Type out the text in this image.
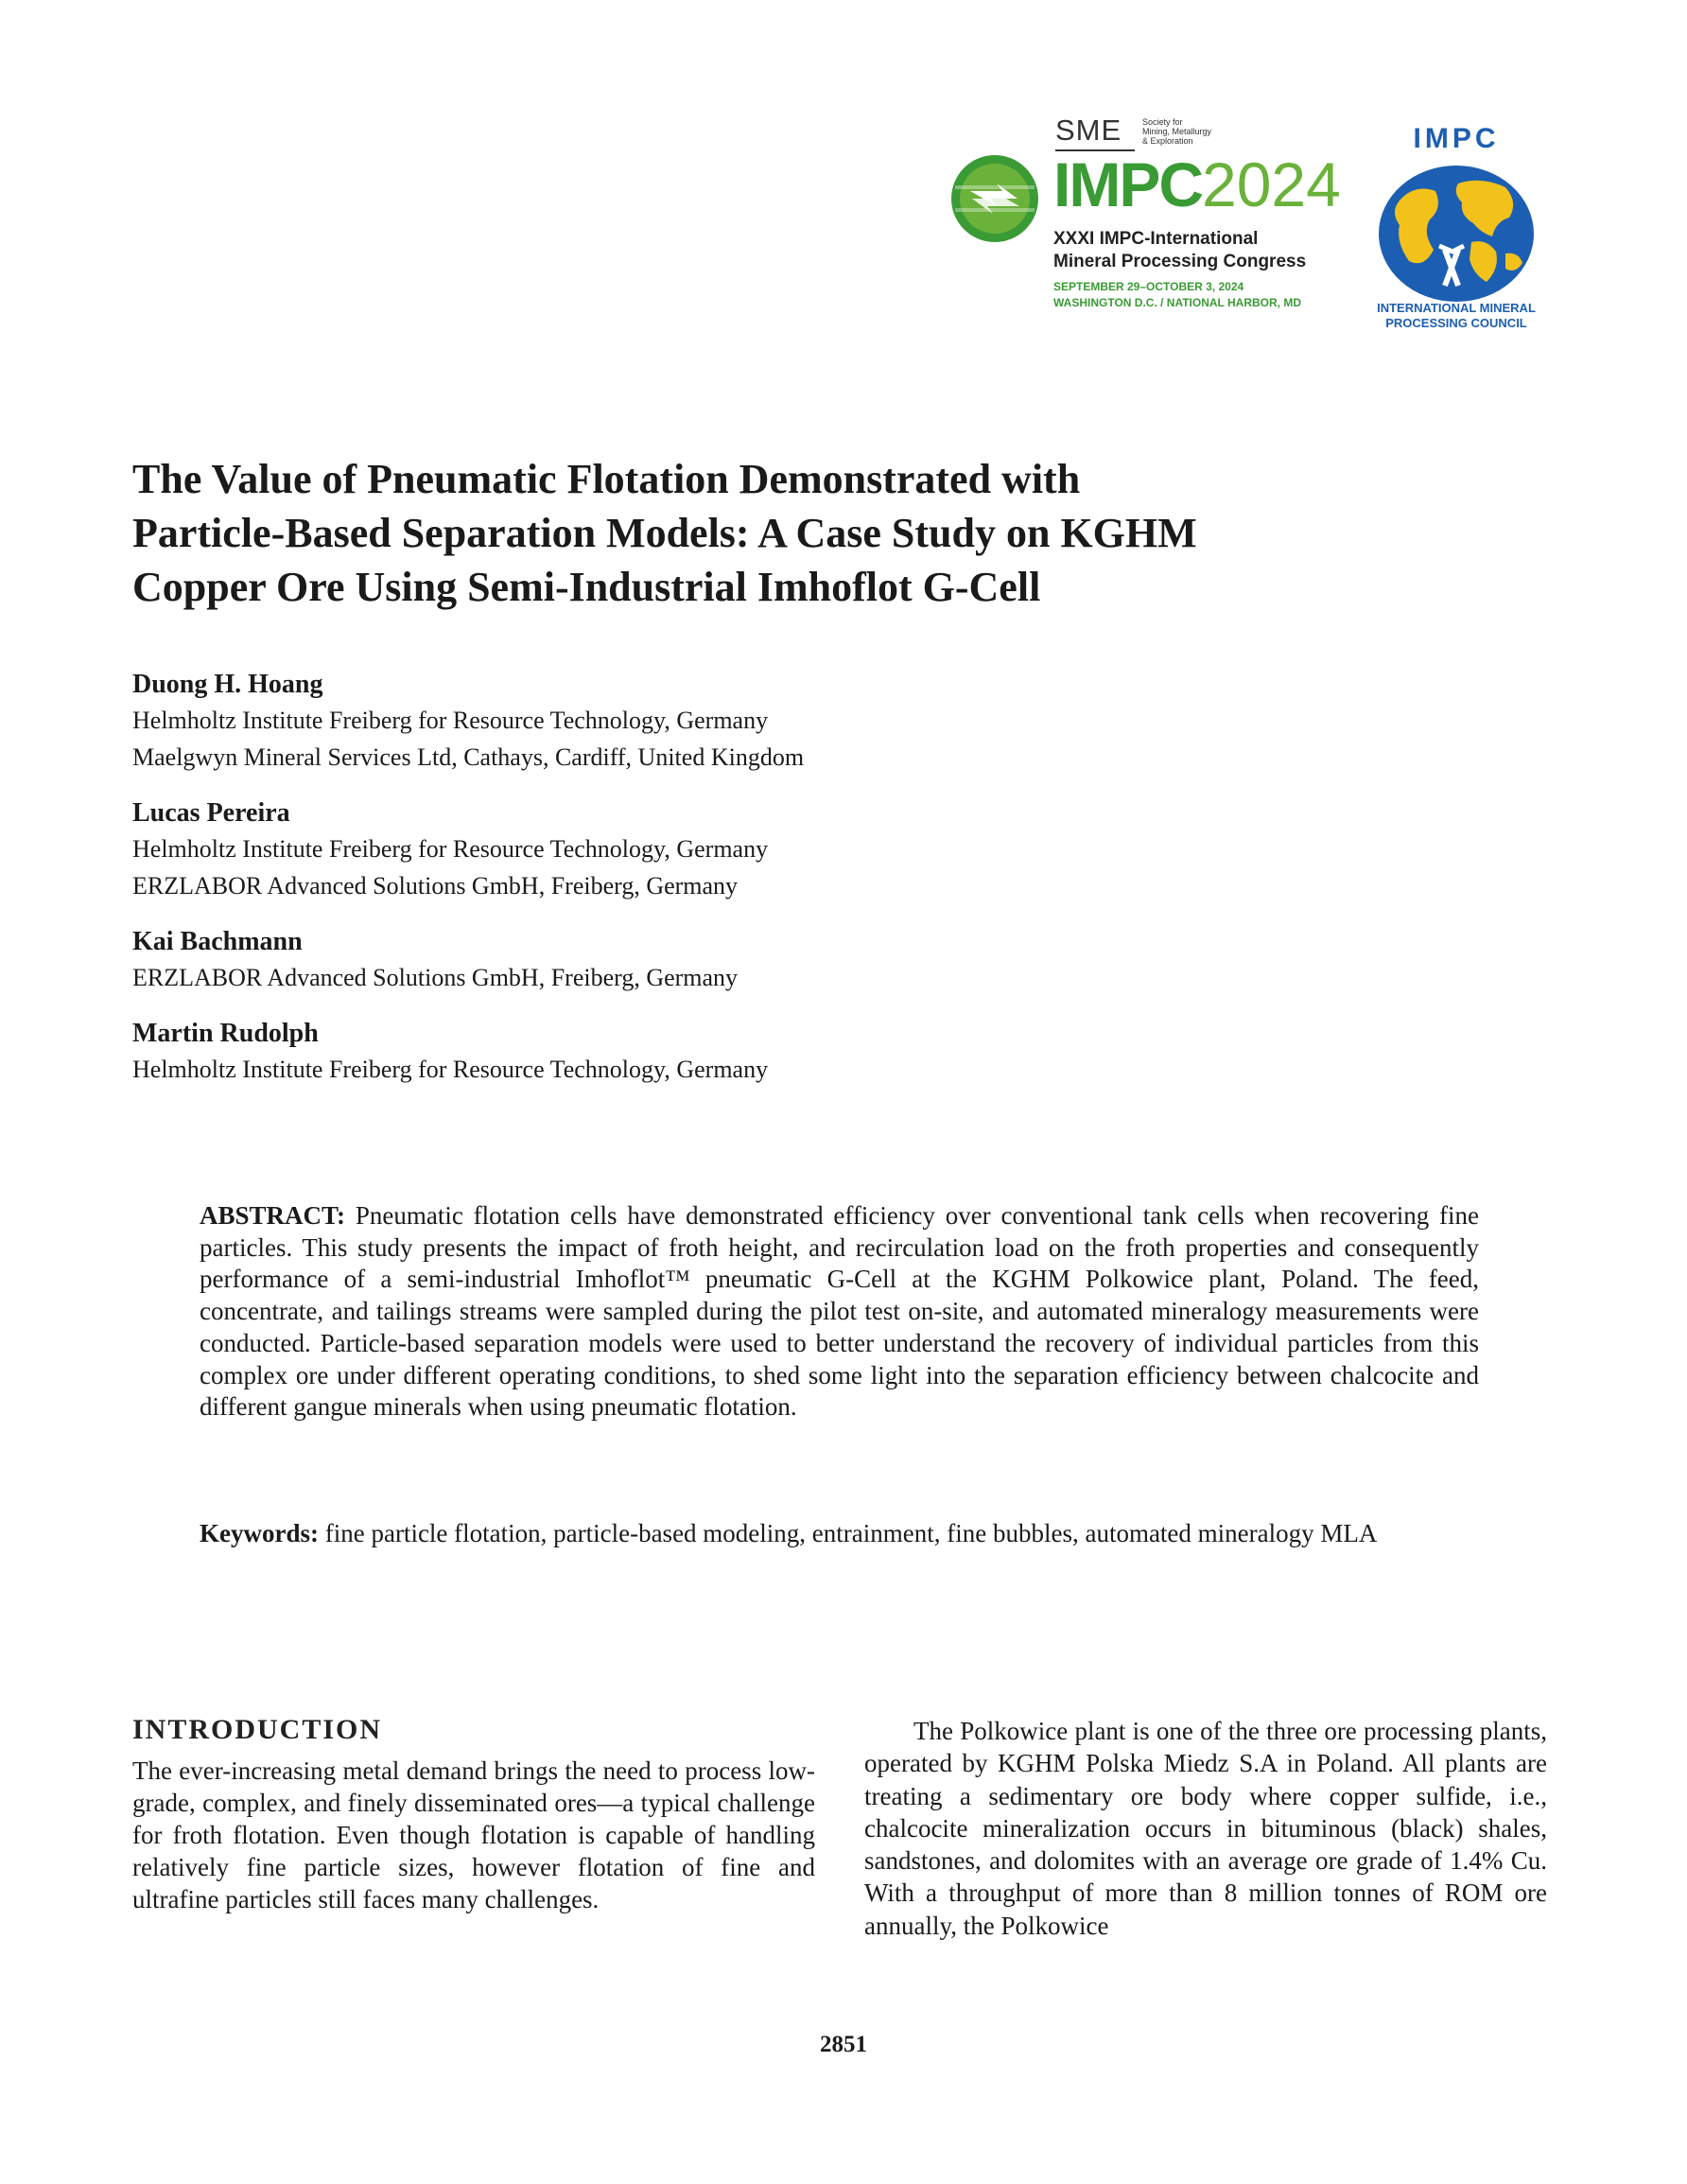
SME Society for
Mining, Metallurgy
& Exploration
IMPC2024
XXXI IMPC-International
Mineral Processing Congress
SEPTEMBER 29–OCTOBER 3, 2024
WASHINGTON D.C. / NATIONAL HARBOR, MD
IMPC
INTERNATIONAL MINERAL
PROCESSING COUNCIL
The Value of Pneumatic Flotation Demonstrated with
Particle-Based Separation Models: A Case Study on KGHM
Copper Ore Using Semi-Industrial Imhoflot G-Cell
Duong H. Hoang
Helmholtz Institute Freiberg for Resource Technology, Germany
Maelgwyn Mineral Services Ltd, Cathays, Cardiff, United Kingdom
Lucas Pereira
Helmholtz Institute Freiberg for Resource Technology, Germany
ERZLABOR Advanced Solutions GmbH, Freiberg, Germany
Kai Bachmann
ERZLABOR Advanced Solutions GmbH, Freiberg, Germany
Martin Rudolph
Helmholtz Institute Freiberg for Resource Technology, Germany

ABSTRACT: Pneumatic flotation cells have demonstrated efficiency over conventional tank cells when recovering fine particles. This study presents the impact of froth height, and recirculation load on the froth properties and consequently performance of a semi-industrial Imhoflot™ pneumatic G-Cell at the KGHM Polkowice plant, Poland. The feed, concentrate, and tailings streams were sampled during the pilot test on-site, and automated mineralogy measurements were conducted. Particle-based separation models were used to better understand the recovery of individual particles from this complex ore under different operating conditions, to shed some light into the separation efficiency between chalcocite and different gangue minerals when using pneumatic flotation.

Keywords: fine particle flotation, particle-based modeling, entrainment, fine bubbles, automated mineralogy MLA

INTRODUCTION

The ever-increasing metal demand brings the need to process low-grade, complex, and finely disseminated ores—a typical challenge for froth flotation. Even though flotation is capable of handling relatively fine particle sizes, however flotation of fine and ultrafine particles still faces many challenges.

The Polkowice plant is one of the three ore processing plants, operated by KGHM Polska Miedz S.A in Poland. All plants are treating a sedimentary ore body where copper sulfide, i.e., chalcocite mineralization occurs in bituminous (black) shales, sandstones, and dolomites with an average ore grade of 1.4% Cu. With a throughput of more than 8 million tonnes of ROM ore annually, the Polkowice

2851
